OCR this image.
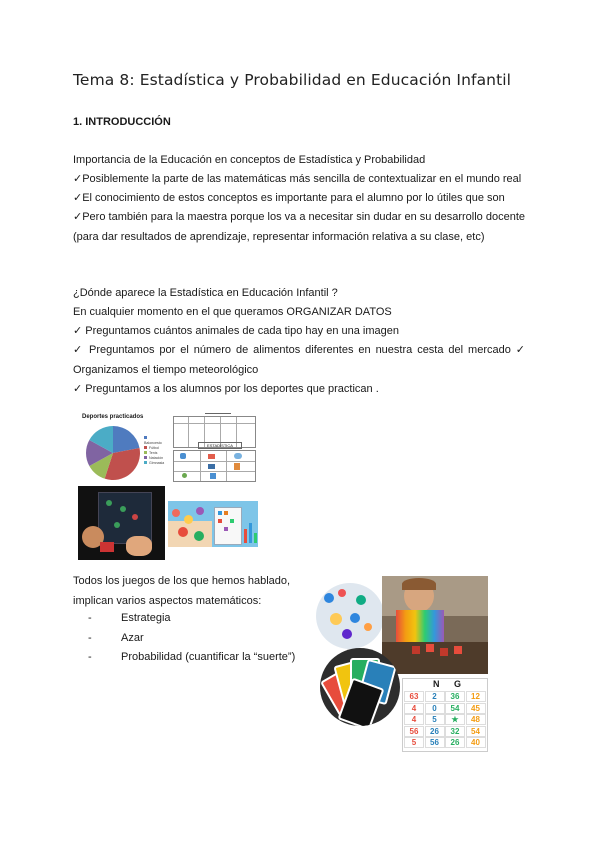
Tema 8: Estadística y Probabilidad en Educación Infantil
1. INTRODUCCIÓN
Importancia de la Educación en conceptos de Estadística y Probabilidad
✓Posiblemente la parte de las matemáticas más sencilla de contextualizar en el mundo real
✓El conocimiento de estos conceptos es importante para el alumno por lo útiles que son
✓Pero también para la maestra porque los va a necesitar sin dudar en su desarrollo docente (para dar resultados de aprendizaje, representar información relativa a su clase, etc)
¿Dónde aparece la Estadística en Educación Infantil ?
En cualquier momento en el que queramos ORGANIZAR DATOS
✓ Preguntamos cuántos animales de cada tipo hay en una imagen
✓ Preguntamos por el número de alimentos diferentes en nuestra cesta del mercado ✓ Organizamos el tiempo meteorológico
✓ Preguntamos a los alumnos por los deportes que practican .
Deportes practicados
Baloncesto
Fútbol
Tenis
Natación
Gimnasia
ESTADÍSTICA
Todos los juegos de los que hemos hablado, implican varios aspectos matemáticos:
- Estrategia
- Azar
- Probabilidad (cuantificar la “suerte”)
N G
63	2	36	12
4	0	54	45
4	5	★	48
56	26	32	54
5	56	26	40
